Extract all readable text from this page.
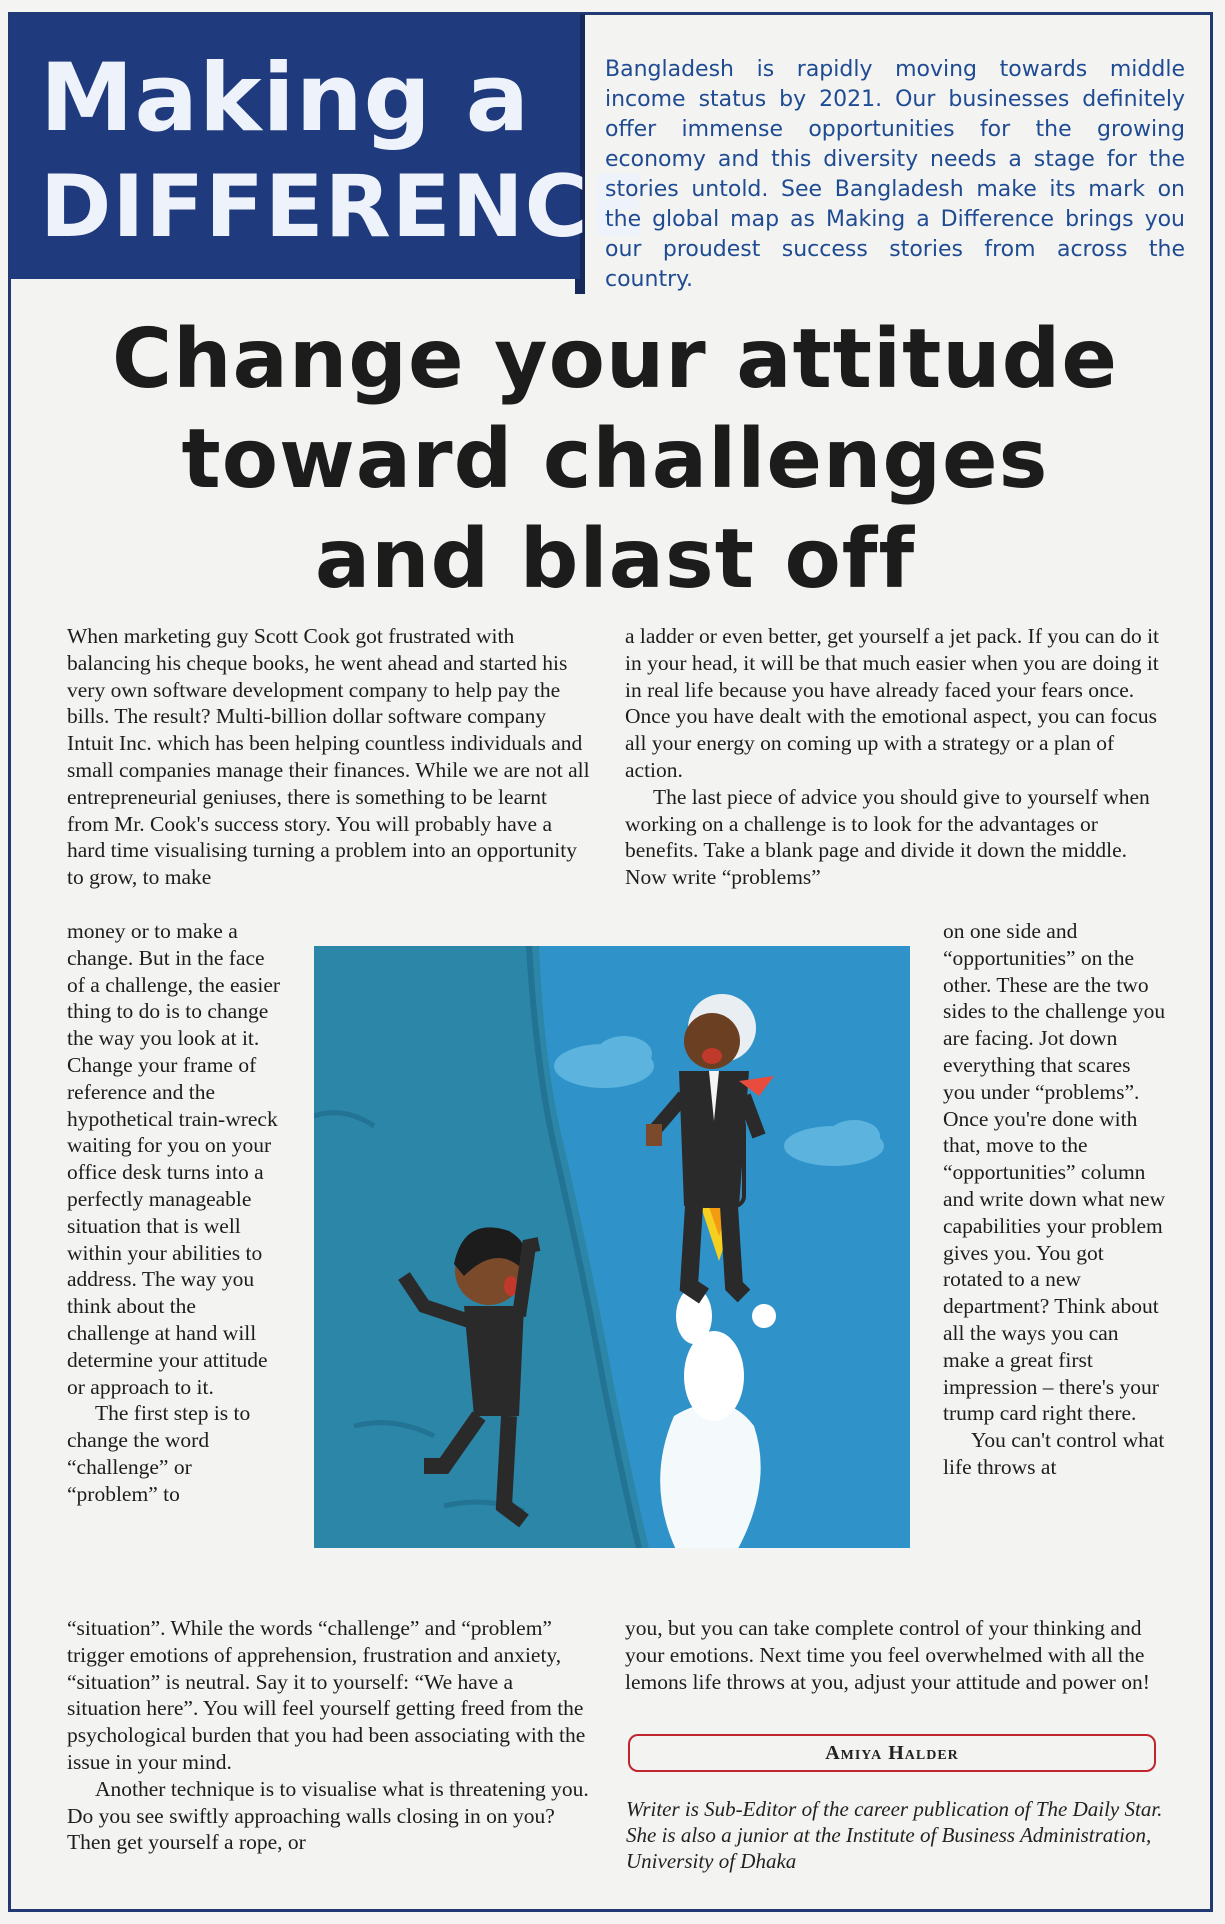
Making a
DIFFERENCE
Bangladesh is rapidly moving towards middle income status by 2021. Our businesses definitely offer immense opportunities for the growing economy and this diversity needs a stage for the stories untold. See Bangladesh make its mark on the global map as Making a Difference brings you our proudest success stories from across the country.
Change your attitude
toward challenges
and blast off

When marketing guy Scott Cook got frustrated with balancing his cheque books, he went ahead and started his very own software development company to help pay the bills. The result? Multi-billion dollar software company Intuit Inc. which has been helping countless individuals and small companies manage their finances. While we are not all entrepreneurial geniuses, there is something to be learnt from Mr. Cook's success story. You will probably have a hard time visualising turning a problem into an opportunity to grow, to make

money or to make a change. But in the face of a challenge, the easier thing to do is to change the way you look at it. Change your frame of reference and the hypothetical train-wreck waiting for you on your office desk turns into a perfectly manageable situation that is well within your abilities to address. The way you think about the challenge at hand will determine your attitude or approach to it.

The first step is to change the word “challenge” or “problem” to

“situation”. While the words “challenge” and “problem” trigger emotions of apprehension, frustration and anxiety, “situation” is neutral. Say it to yourself: “We have a situation here”. You will feel yourself getting freed from the psychological burden that you had been associating with the issue in your mind.

Another technique is to visualise what is threatening you. Do you see swiftly approaching walls closing in on you? Then get yourself a rope, or

a ladder or even better, get yourself a jet pack. If you can do it in your head, it will be that much easier when you are doing it in real life because you have already faced your fears once. Once you have dealt with the emotional aspect, you can focus all your energy on coming up with a strategy or a plan of action.

The last piece of advice you should give to yourself when working on a challenge is to look for the advantages or benefits. Take a blank page and divide it down the middle. Now write “problems”

on one side and “opportunities” on the other. These are the two sides to the challenge you are facing. Jot down everything that scares you under “problems”. Once you're done with that, move to the “opportunities” column and write down what new capabilities your problem gives you. You got rotated to a new department? Think about all the ways you can make a great first impression – there's your trump card right there.

You can't control what life throws at

you, but you can take complete control of your thinking and your emotions. Next time you feel overwhelmed with all the lemons life throws at you, adjust your attitude and power on!

Amiya Halder
Writer is Sub-Editor of the career publication of The Daily Star. She is also a junior at the Institute of Business Administration, University of Dhaka
